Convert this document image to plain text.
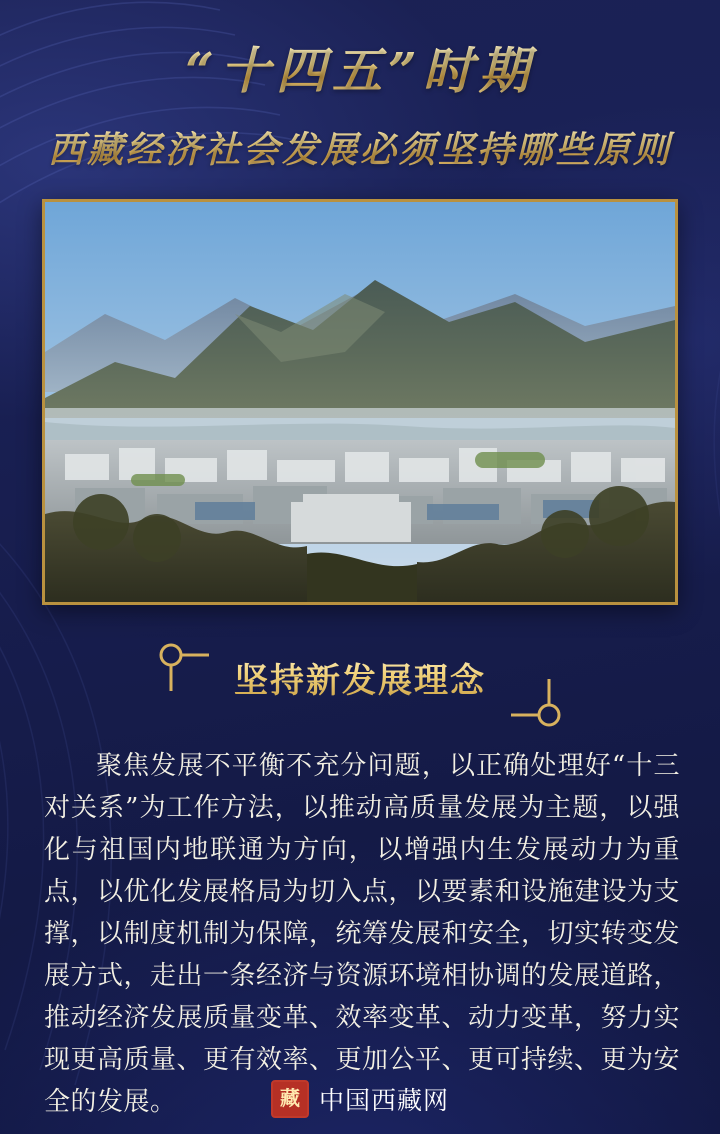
“十四五”时期
西藏经济社会发展必须坚持哪些原则
坚持新发展理念
聚焦发展不平衡不充分问题，以正确处理好“十三对关系”为工作方法，以推动高质量发展为主题，以强化与祖国内地联通为方向，以增强内生发展动力为重点，以优化发展格局为切入点，以要素和设施建设为支撑，以制度机制为保障，统筹发展和安全，切实转变发展方式，走出一条经济与资源环境相协调的发展道路，推动经济发展质量变革、效率变革、动力变革，努力实现更高质量、更有效率、更加公平、更可持续、更为安全的发展。	藏 中国西藏网
